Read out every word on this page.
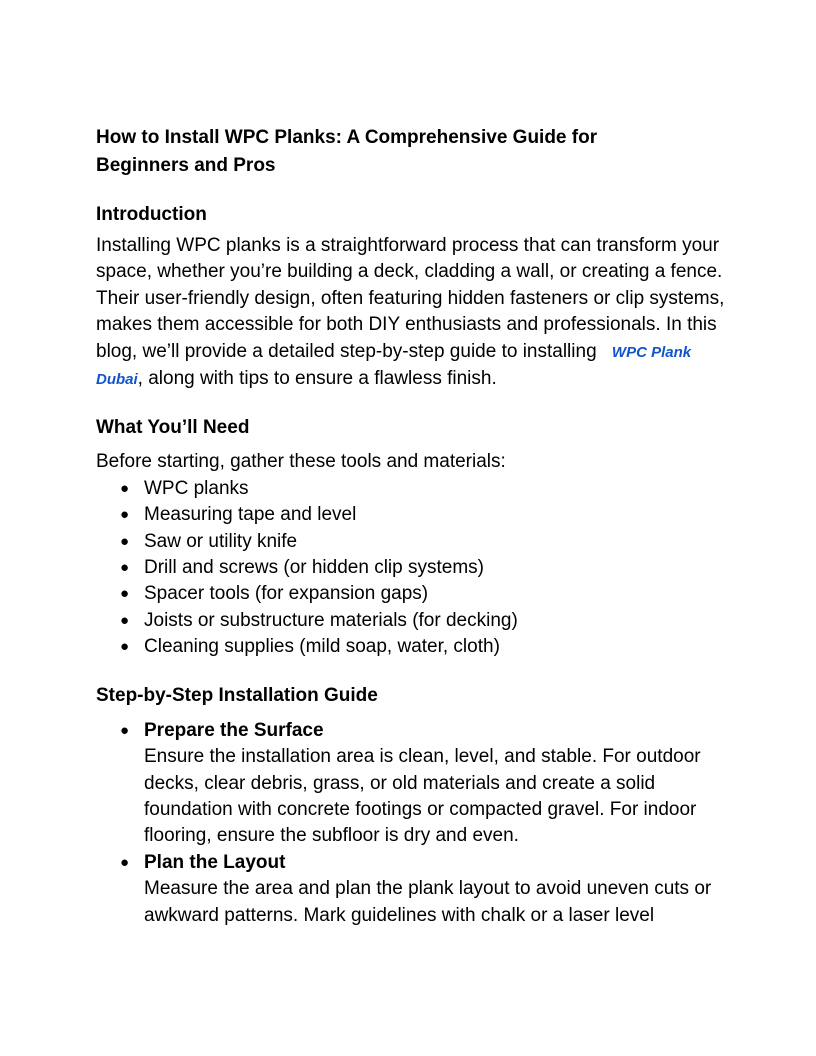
How to Install WPC Planks: A Comprehensive Guide for Beginners and Pros
Introduction

Installing WPC planks is a straightforward process that can transform your space, whether you’re building a deck, cladding a wall, or creating a fence. Their user-friendly design, often featuring hidden fasteners or clip systems, makes them accessible for both DIY enthusiasts and professionals. In this blog, we’ll provide a detailed step-by-step guide to installing WPC Plank Dubai, along with tips to ensure a flawless finish.

What You’ll Need

Before starting, gather these tools and materials:

● WPC planks
● Measuring tape and level
● Saw or utility knife
● Drill and screws (or hidden clip systems)
● Spacer tools (for expansion gaps)
● Joists or substructure materials (for decking)
● Cleaning supplies (mild soap, water, cloth)
Step-by-Step Installation Guide
● Prepare the Surface
Ensure the installation area is clean, level, and stable. For outdoor decks, clear debris, grass, or old materials and create a solid foundation with concrete footings or compacted gravel. For indoor flooring, ensure the subfloor is dry and even.
● Plan the Layout
Measure the area and plan the plank layout to avoid uneven cuts or awkward patterns. Mark guidelines with chalk or a laser level
